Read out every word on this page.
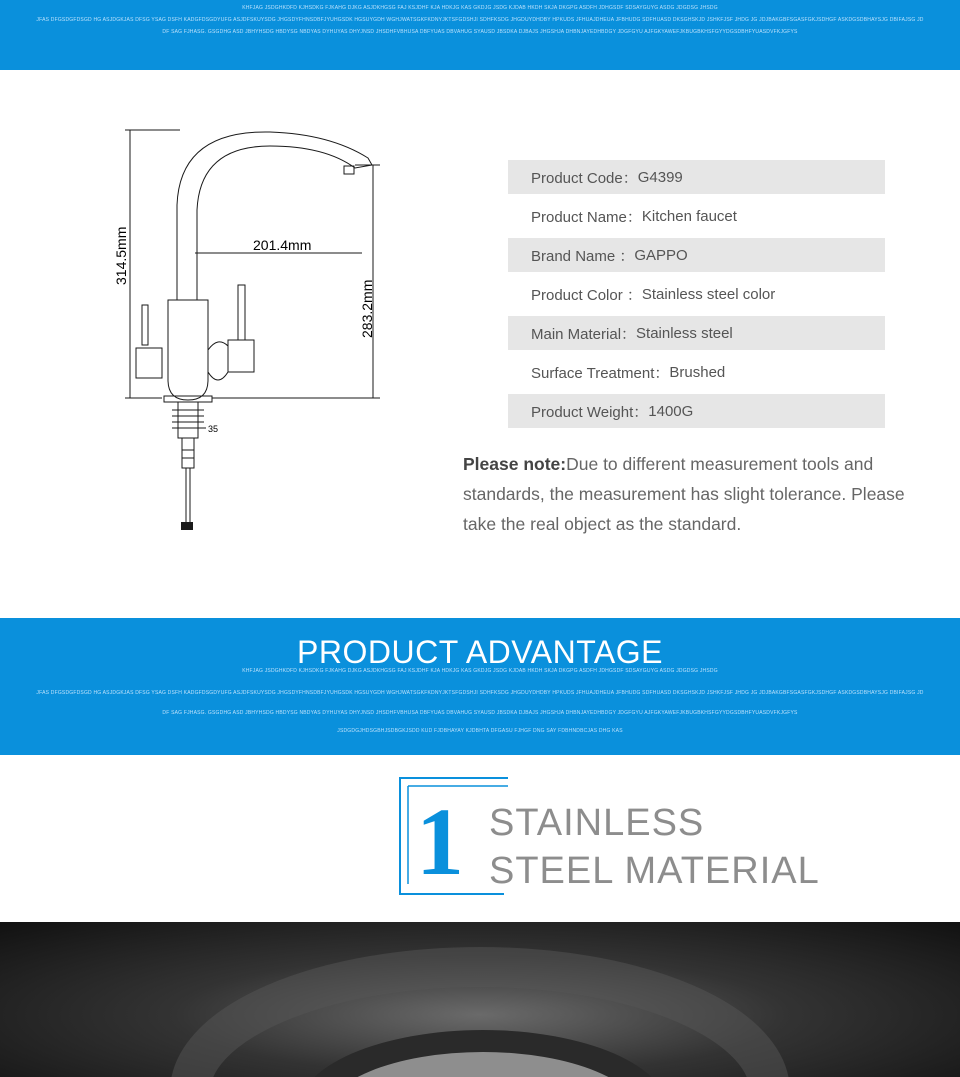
KHFJAG JSDGHKDFD KJHSDKG FJKAHG DJKG ASJDKHGSG FAJ KSJDHF KJA HDKJG KAS GKDJG JSDG KJDAB HKDH SKJA DKGPG ASDFH JDHGSDF SDSAYGUYG ASDG JDGDSG JHSDG
JFAS DFGSDGFDSGD HG ASJDGKJAS DFSG YSAG DSFH KADGFDSGDYUFG ASJDFSKUYSDG JHGSDYFHNSDBFJYUHGSDK HGSUYGDH WGHJWATSGKFKDNYJKTSFGDSHJI SDHFKSDG JHGDUYDHDBY HPKUDS JFHUAJDHEUA JFBHUDG SDFHUASD DKSGHSKJD JSHKFJSF JHDG JG JDJBAKGBFSGASFGKJSDHGF ASKDGSDBHAYSJG DBIFAJSG JD
DF SAG FJHASG. GSGDHG ASD JBHYHSDG HBDYSG NBDYAS DYHUYAS DHYJNSD JHSDHFVBHUSA DBFYUAS DBVAHUG SYAUSD JBSDKA DJBAJS JHGSHJA DHBNJAYEDHBDGY JDGFGYU AJFGKYAWEFJKBUGBKHSFGYYDGSDBHFYUASDVFKJGFYS
201.4mm
314.5mm
283.2mm
35
Product Code： G4399
Product Name： Kitchen faucet
Brand Name ： GAPPO
Product Color ： Stainless steel color
Main Material： Stainless steel
Surface Treatment： Brushed
Product Weight： 1400G
Please note:Due to different measurement tools and standards, the measurement has slight tolerance. Please take the real object as the standard.
KHFJAG JSDGHKDFD KJHSDKG FJKAHG DJKG ASJDKHGSG FAJ KSJDHF KJA HDKJG KAS GKDJG JSDG KJDAB HKDH SKJA DKGPG ASDFH JDHGSDF SDSAYGUYG ASDG JDGDSG JHSDG
JFAS DFGSDGFDSGD HG ASJDGKJAS DFSG YSAG DSFH KADGFDSGDYUFG ASJDFSKUYSDG JHGSDYFHNSDBFJYUHGSDK HGSUYGDH WGHJWATSGKFKDNYJKTSFGDSHJI SDHFKSDG JHGDUYDHDBY HPKUDS JFHUAJDHEUA JFBHUDG SDFHUASD DKSGHSKJD JSHKFJSF JHDG JG JDJBAKGBFSGASFGKJSDHGF ASKDGSDBHAYSJG DBIFAJSG JD
DF SAG FJHASG. GSGDHG ASD JBHYHSDG HBDYSG NBDYAS DYHUYAS DHYJNSD JHSDHFVBHUSA DBFYUAS DBVAHUG SYAUSD JBSDKA DJBAJS JHGSHJA DHBNJAYEDHBDGY JDGFGYU AJFGKYAWEFJKBUGBKHSFGYYDGSDBHFYUASDVFKJGFYS
JSDGDGJHDSGBHJSDBGKJSDD KUD FJDBHAYAY KJDBHTA DFGASU FJHGF DNG SAY FDBHNDBCJAS DHG KAS
PRODUCT ADVANTAGE
1 STAINLESS
STEEL MATERIAL
